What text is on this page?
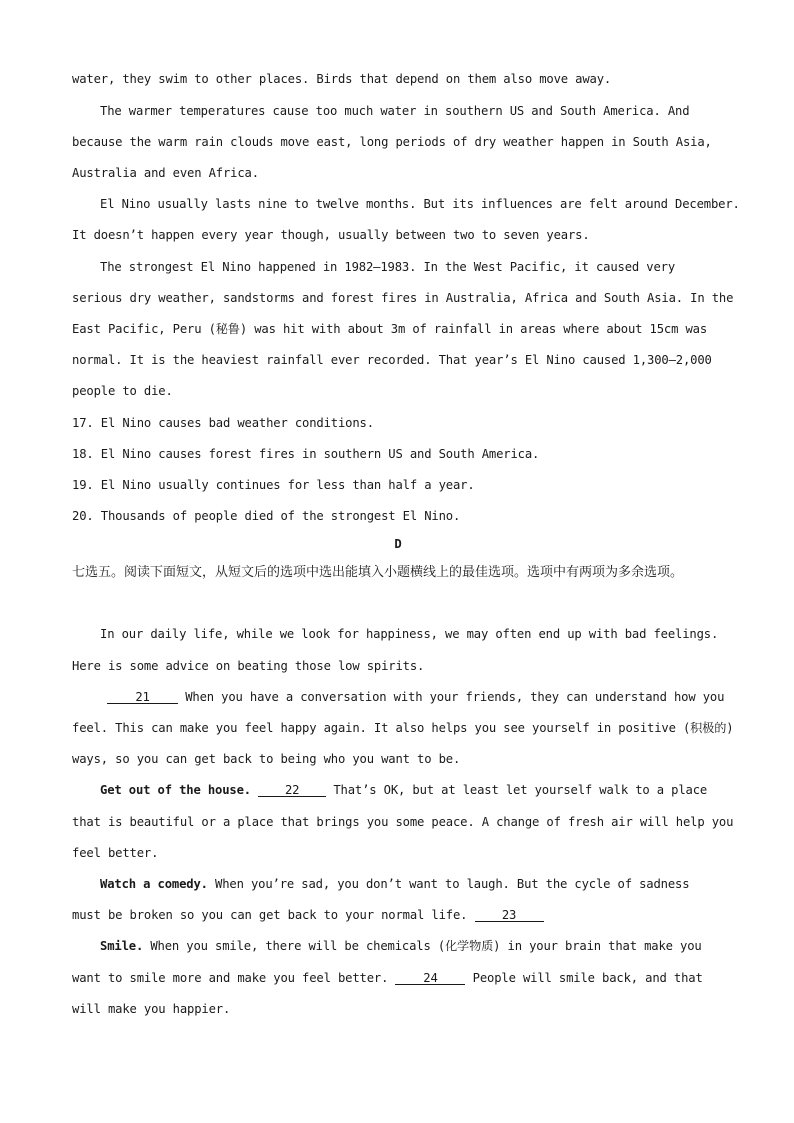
water, they swim to other places. Birds that depend on them also move away.
The warmer temperatures cause too much water in southern US and South America. And
because the warm rain clouds move east, long periods of dry weather happen in South Asia,
Australia and even Africa.
El Nino usually lasts nine to twelve months. But its influences are felt around December.
It doesn’t happen every year though, usually between two to seven years.
The strongest El Nino happened in 1982—1983. In the West Pacific, it caused very
serious dry weather, sandstorms and forest fires in Australia, Africa and South Asia. In the
East Pacific, Peru (秘鲁) was hit with about 3m of rainfall in areas where about 15cm was
normal. It is the heaviest rainfall ever recorded. That year’s El Nino caused 1,300—2,000
people to die.
17. El Nino causes bad weather conditions.
18. El Nino causes forest fires in southern US and South America.
19. El Nino usually continues for less than half a year.
20. Thousands of people died of the strongest El Nino.
D
七选五。阅读下面短文，从短文后的选项中选出能填入小题横线上的最佳选项。选项中有两项为多余选项。
In our daily life, while we look for happiness, we may often end up with bad feelings.
Here is some advice on beating those low spirits.
21 When you have a conversation with your friends, they can understand how you
feel. This can make you feel happy again. It also helps you see yourself in positive (积极的)
ways, so you can get back to being who you want to be.
Get out of the house.	22 That’s OK, but at least let yourself walk to a place
that is beautiful or a place that brings you some peace. A change of fresh air will help you
feel better.
Watch a comedy. When you’re sad, you don’t want to laugh. But the cycle of sadness
must be broken so you can get back to your normal life. 23
Smile. When you smile, there will be chemicals (化学物质) in your brain that make you
want to smile more and make you feel better. 24 People will smile back, and that
will make you happier.
